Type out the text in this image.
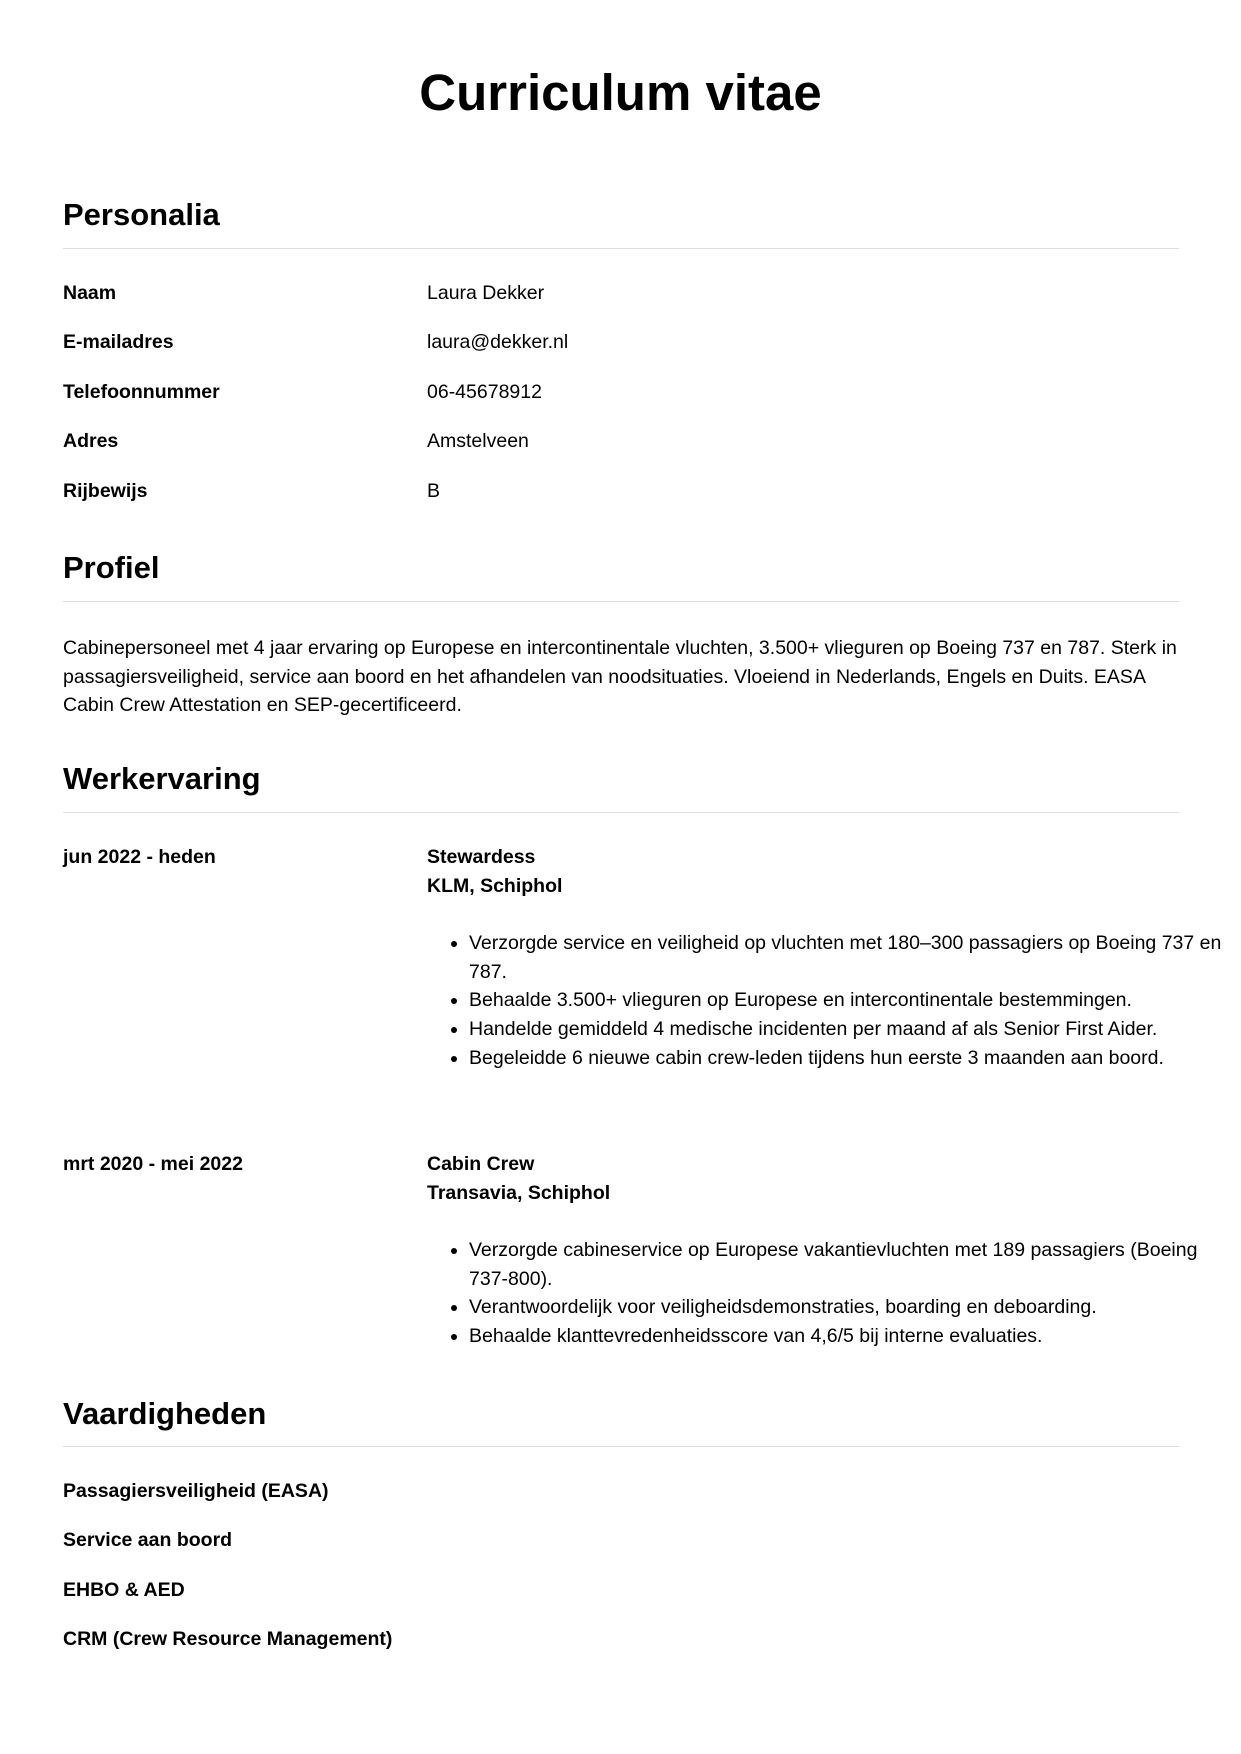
Curriculum vitae
Personalia
Naam	Laura Dekker
E-mailadres	laura@dekker.nl
Telefoonnummer	06-45678912
Adres	Amstelveen
Rijbewijs	B
Profiel

Cabinepersoneel met 4 jaar ervaring op Europese en intercontinentale vluchten, 3.500+ vlieguren op Boeing 737 en 787. Sterk in passagiersveiligheid, service aan boord en het afhandelen van noodsituaties. Vloeiend in Nederlands, Engels en Duits. EASA Cabin Crew Attestation en SEP-gecertificeerd.

Werkervaring
jun 2022 - heden	Stewardess
KLM, Schiphol
• Verzorgde service en veiligheid op vluchten met 180–300 passagiers op Boeing 737 en 787.
• Behaalde 3.500+ vlieguren op Europese en intercontinentale bestemmingen.
• Handelde gemiddeld 4 medische incidenten per maand af als Senior First Aider.
• Begeleidde 6 nieuwe cabin crew-leden tijdens hun eerste 3 maanden aan boord.
mrt 2020 - mei 2022	Cabin Crew
Transavia, Schiphol
• Verzorgde cabineservice op Europese vakantievluchten met 189 passagiers (Boeing 737-800).
• Verantwoordelijk voor veiligheidsdemonstraties, boarding en deboarding.
• Behaalde klanttevredenheidsscore van 4,6/5 bij interne evaluaties.
Vaardigheden
Passagiersveiligheid (EASA)
Service aan boord
EHBO & AED
CRM (Crew Resource Management)
